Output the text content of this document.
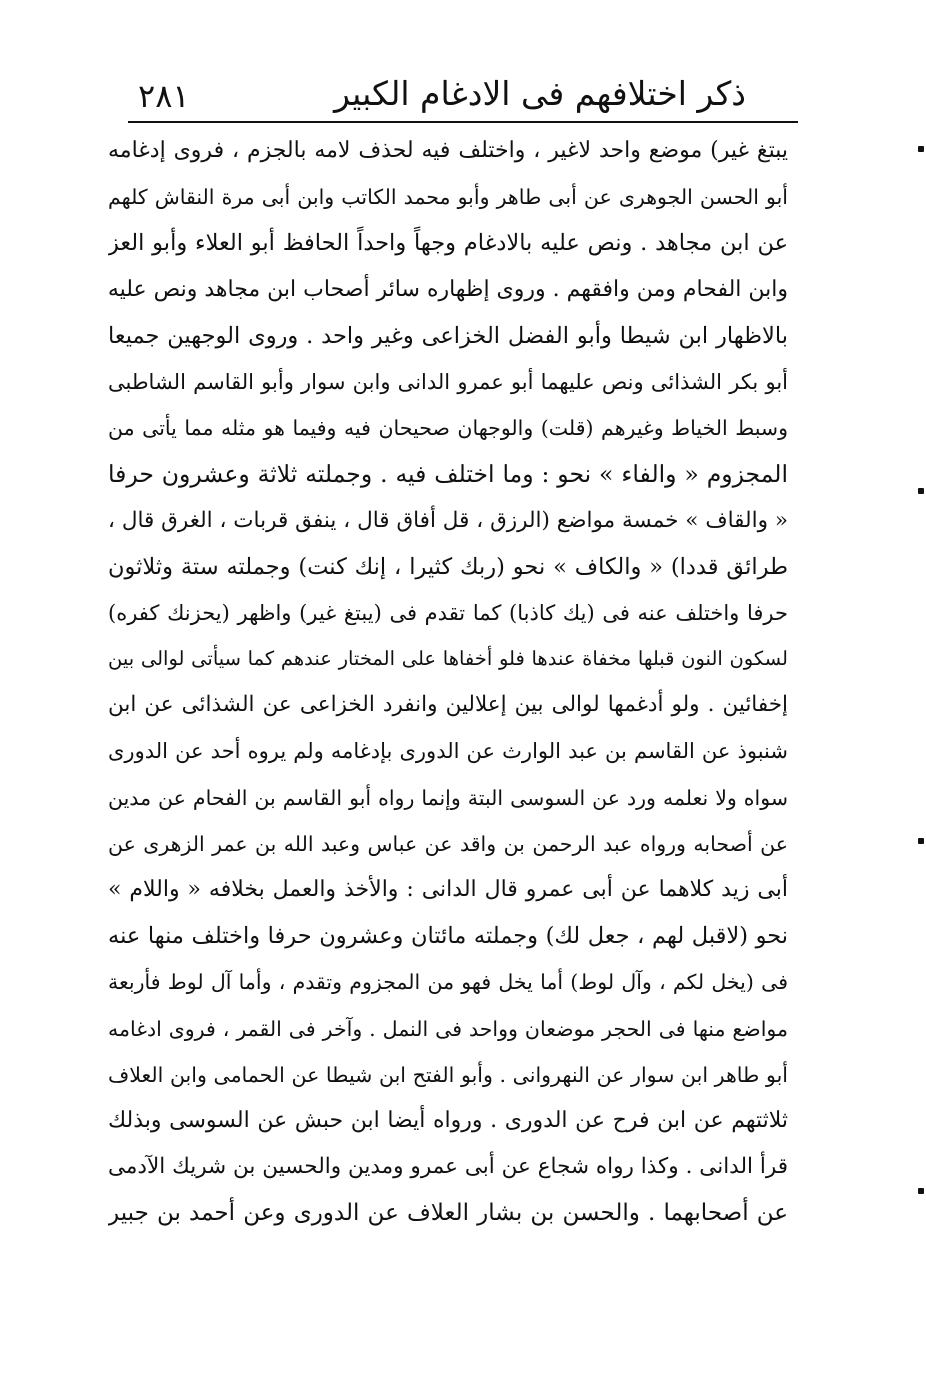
ذكر اختلافهم فى الادغام الكبير
٢٨١
يبتغ غير) موضع واحد لاغير ، واختلف فيه لحذف لامه بالجزم ، فروى إدغامه
أبو الحسن الجوهرى عن أبى طاهر وأبو محمد الكاتب وابن أبى مرة النقاش كلهم
عن ابن مجاهد . ونص عليه بالادغام وجهاً واحداً الحافظ أبو العلاء وأبو العز
وابن الفحام ومن وافقهم . وروى إظهاره سائر أصحاب ابن مجاهد ونص عليه
بالاظهار ابن شيطا وأبو الفضل الخزاعى وغير واحد . وروى الوجهين جميعا
أبو بكر الشذائى ونص عليهما أبو عمرو الدانى وابن سوار وأبو القاسم الشاطبى
وسبط الخياط وغيرهم (قلت) والوجهان صحيحان فيه وفيما هو مثله مما يأتى من
المجزوم « والفاء » نحو : وما اختلف فيه . وجملته ثلاثة وعشرون حرفا
« والقاف » خمسة مواضع (الرزق ، قل أفاق قال ، ينفق قربات ، الغرق قال ،
طرائق قددا) « والكاف » نحو (ربك كثيرا ، إنك كنت) وجملته ستة وثلاثون
حرفا واختلف عنه فى (يك كاذبا) كما تقدم فى (يبتغ غير) واظهر (يحزنك كفره)
لسكون النون قبلها مخفاة عندها فلو أخفاها على المختار عندهم كما سيأتى لوالى بين
إخفائين . ولو أدغمها لوالى بين إعلالين وانفرد الخزاعى عن الشذائى عن ابن
شنبوذ عن القاسم بن عبد الوارث عن الدورى بإدغامه ولم يروه أحد عن الدورى
سواه ولا نعلمه ورد عن السوسى البتة وإنما رواه أبو القاسم بن الفحام عن مدين
عن أصحابه ورواه عبد الرحمن بن واقد عن عباس وعبد الله بن عمر الزهرى عن
أبى زيد كلاهما عن أبى عمرو قال الدانى : والأخذ والعمل بخلافه « واللام »
نحو (لاقبل لهم ، جعل لك) وجملته مائتان وعشرون حرفا واختلف منها عنه
فى (يخل لكم ، وآل لوط) أما يخل فهو من المجزوم وتقدم ، وأما آل لوط فأربعة
مواضع منها فى الحجر موضعان وواحد فى النمل . وآخر فى القمر ، فروى ادغامه
أبو طاهر ابن سوار عن النهروانى . وأبو الفتح ابن شيطا عن الحمامى وابن العلاف
ثلاثتهم عن ابن فرح عن الدورى . ورواه أيضا ابن حبش عن السوسى وبذلك
قرأ الدانى . وكذا رواه شجاع عن أبى عمرو ومدين والحسين بن شريك الآدمى
عن أصحابهما . والحسن بن بشار العلاف عن الدورى وعن أحمد بن جبير
